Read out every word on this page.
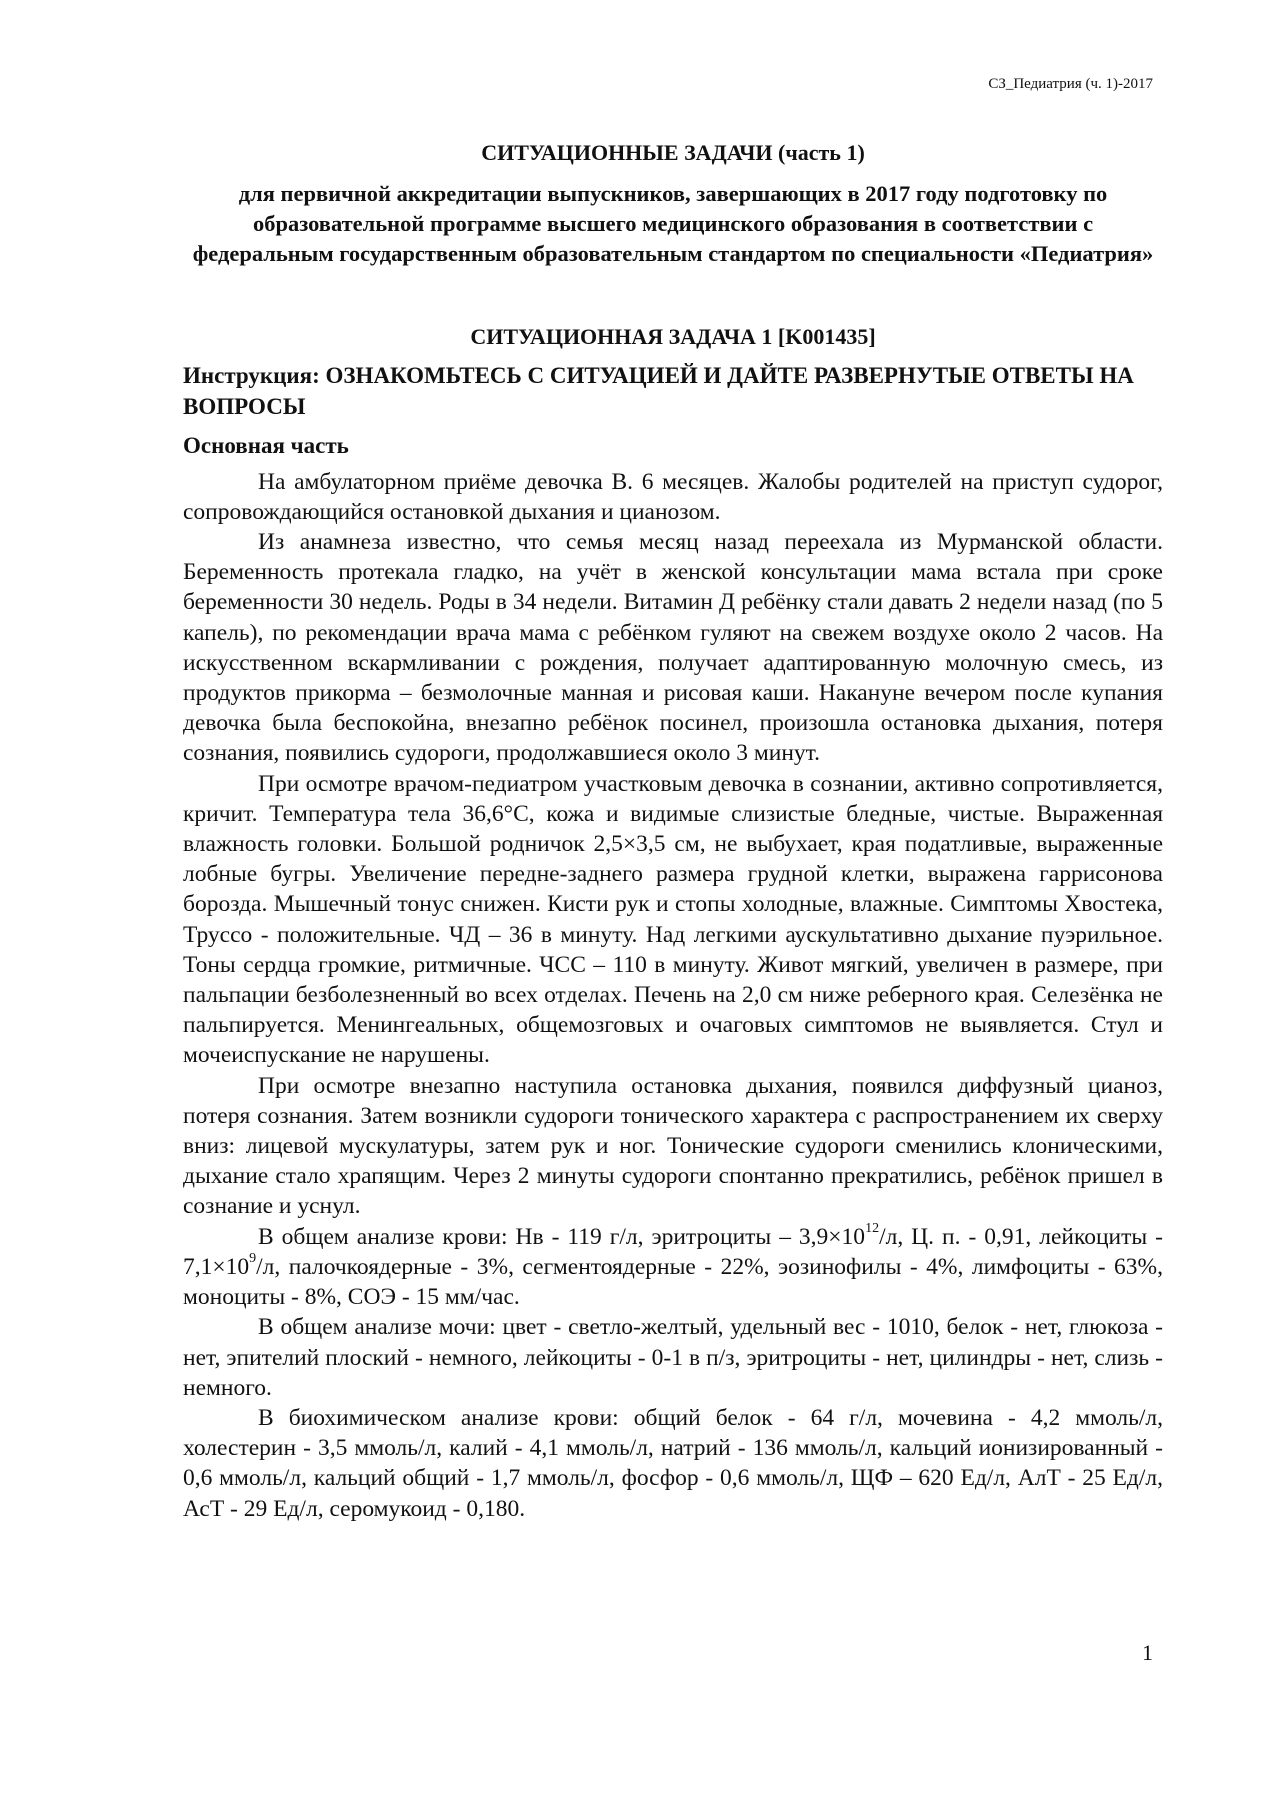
СЗ_Педиатрия (ч. 1)-2017
СИТУАЦИОННЫЕ ЗАДАЧИ (часть 1)
для первичной аккредитации выпускников, завершающих в 2017 году подготовку по образовательной программе высшего медицинского образования в соответствии с федеральным государственным образовательным стандартом по специальности «Педиатрия»
СИТУАЦИОННАЯ ЗАДАЧА 1 [K001435]
Инструкция: ОЗНАКОМЬТЕСЬ С СИТУАЦИЕЙ И ДАЙТЕ РАЗВЕРНУТЫЕ ОТВЕТЫ НА ВОПРОСЫ
Основная часть

На амбулаторном приёме девочка В. 6 месяцев. Жалобы родителей на приступ судорог, сопровождающийся остановкой дыхания и цианозом.

Из анамнеза известно, что семья месяц назад переехала из Мурманской области. Беременность протекала гладко, на учёт в женской консультации мама встала при сроке беременности 30 недель. Роды в 34 недели. Витамин Д ребёнку стали давать 2 недели назад (по 5 капель), по рекомендации врача мама с ребёнком гуляют на свежем воздухе около 2 часов. На искусственном вскармливании с рождения, получает адаптированную молочную смесь, из продуктов прикорма – безмолочные манная и рисовая каши. Накануне вечером после купания девочка была беспокойна, внезапно ребёнок посинел, произошла остановка дыхания, потеря сознания, появились судороги, продолжавшиеся около 3 минут.

При осмотре врачом-педиатром участковым девочка в сознании, активно сопротивляется, кричит. Температура тела 36,6°С, кожа и видимые слизистые бледные, чистые. Выраженная влажность головки. Большой родничок 2,5×3,5 см, не выбухает, края податливые, выраженные лобные бугры. Увеличение передне-заднего размера грудной клетки, выражена гаррисонова борозда. Мышечный тонус снижен. Кисти рук и стопы холодные, влажные. Симптомы Хвостека, Труссо - положительные. ЧД – 36 в минуту. Над легкими аускультативно дыхание пуэрильное. Тоны сердца громкие, ритмичные. ЧСС – 110 в минуту. Живот мягкий, увеличен в размере, при пальпации безболезненный во всех отделах. Печень на 2,0 см ниже реберного края. Селезёнка не пальпируется. Менингеальных, общемозговых и очаговых симптомов не выявляется. Стул и мочеиспускание не нарушены.

При осмотре внезапно наступила остановка дыхания, появился диффузный цианоз, потеря сознания. Затем возникли судороги тонического характера с распространением их сверху вниз: лицевой мускулатуры, затем рук и ног. Тонические судороги сменились клоническими, дыхание стало храпящим. Через 2 минуты судороги спонтанно прекратились, ребёнок пришел в сознание и уснул.

В общем анализе крови: Нв - 119 г/л, эритроциты – $3,9\times 10^{12}/л$, Ц. п. - 0,91, лейкоциты - $7,1\times 10^9/л$, палочкоядерные - 3%, сегментоядерные - 22%, эозинофилы - 4%, лимфоциты - 63%, моноциты - 8%, СОЭ - 15 мм/час.

В общем анализе мочи: цвет - светло-желтый, удельный вес - 1010, белок - нет, глюкоза - нет, эпителий плоский - немного, лейкоциты - 0-1 в п/з, эритроциты - нет, цилиндры - нет, слизь - немного.

В биохимическом анализе крови: общий белок - 64 г/л, мочевина - 4,2 ммоль/л, холестерин - 3,5 ммоль/л, калий - 4,1 ммоль/л, натрий - 136 ммоль/л, кальций ионизированный - 0,6 ммоль/л, кальций общий - 1,7 ммоль/л, фосфор - 0,6 ммоль/л, ЩФ – 620 Ед/л, АлТ - 25 Ед/л, АсТ - 29 Ед/л, серомукоид - 0,180.

1
